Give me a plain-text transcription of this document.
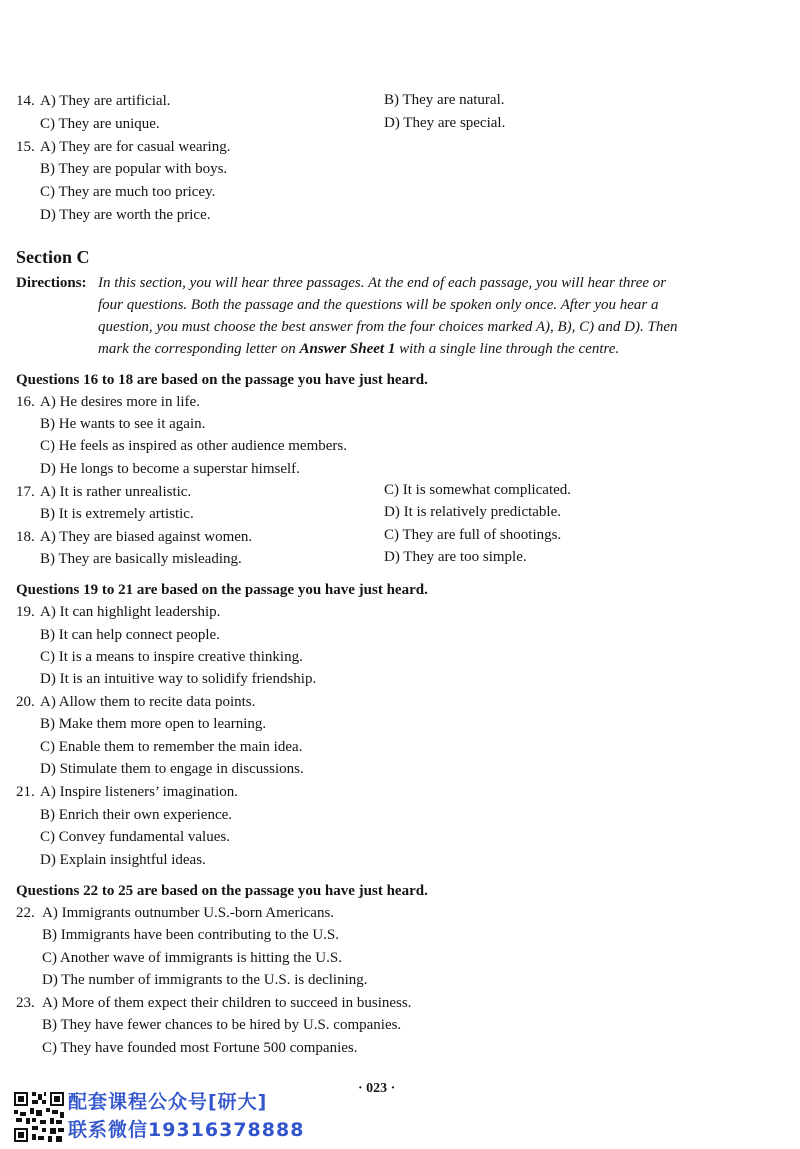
14. A) They are artificial.	B) They are natural.
C) They are unique.	D) They are special.
15. A) They are for casual wearing.
B) They are popular with boys.
C) They are much too pricey.
D) They are worth the price.
Section C
Directions: In this section, you will hear three passages. At the end of each passage, you will hear three or
four questions. Both the passage and the questions will be spoken only once. After you hear a
question, you must choose the best answer from the four choices marked A), B), C) and D). Then
mark the corresponding letter on Answer Sheet 1 with a single line through the centre.
Questions 16 to 18 are based on the passage you have just heard.
16. A) He desires more in life.
B) He wants to see it again.
C) He feels as inspired as other audience members.
D) He longs to become a superstar himself.
17. A) It is rather unrealistic.	C) It is somewhat complicated.
B) It is extremely artistic.	D) It is relatively predictable.
18. A) They are biased against women.	C) They are full of shootings.
B) They are basically misleading.	D) They are too simple.
Questions 19 to 21 are based on the passage you have just heard.
19. A) It can highlight leadership.
B) It can help connect people.
C) It is a means to inspire creative thinking.
D) It is an intuitive way to solidify friendship.
20. A) Allow them to recite data points.
B) Make them more open to learning.
C) Enable them to remember the main idea.
D) Stimulate them to engage in discussions.
21. A) Inspire listeners’ imagination.
B) Enrich their own experience.
C) Convey fundamental values.
D) Explain insightful ideas.
Questions 22 to 25 are based on the passage you have just heard.
22. A) Immigrants outnumber U.S.-born Americans.
B) Immigrants have been contributing to the U.S.
C) Another wave of immigrants is hitting the U.S.
D) The number of immigrants to the U.S. is declining.
23. A) More of them expect their children to succeed in business.
B) They have fewer chances to be hired by U.S. companies.
C) They have founded most Fortune 500 companies.
· 023 ·
配套课程公众号[研大]
联系微信19316378888
